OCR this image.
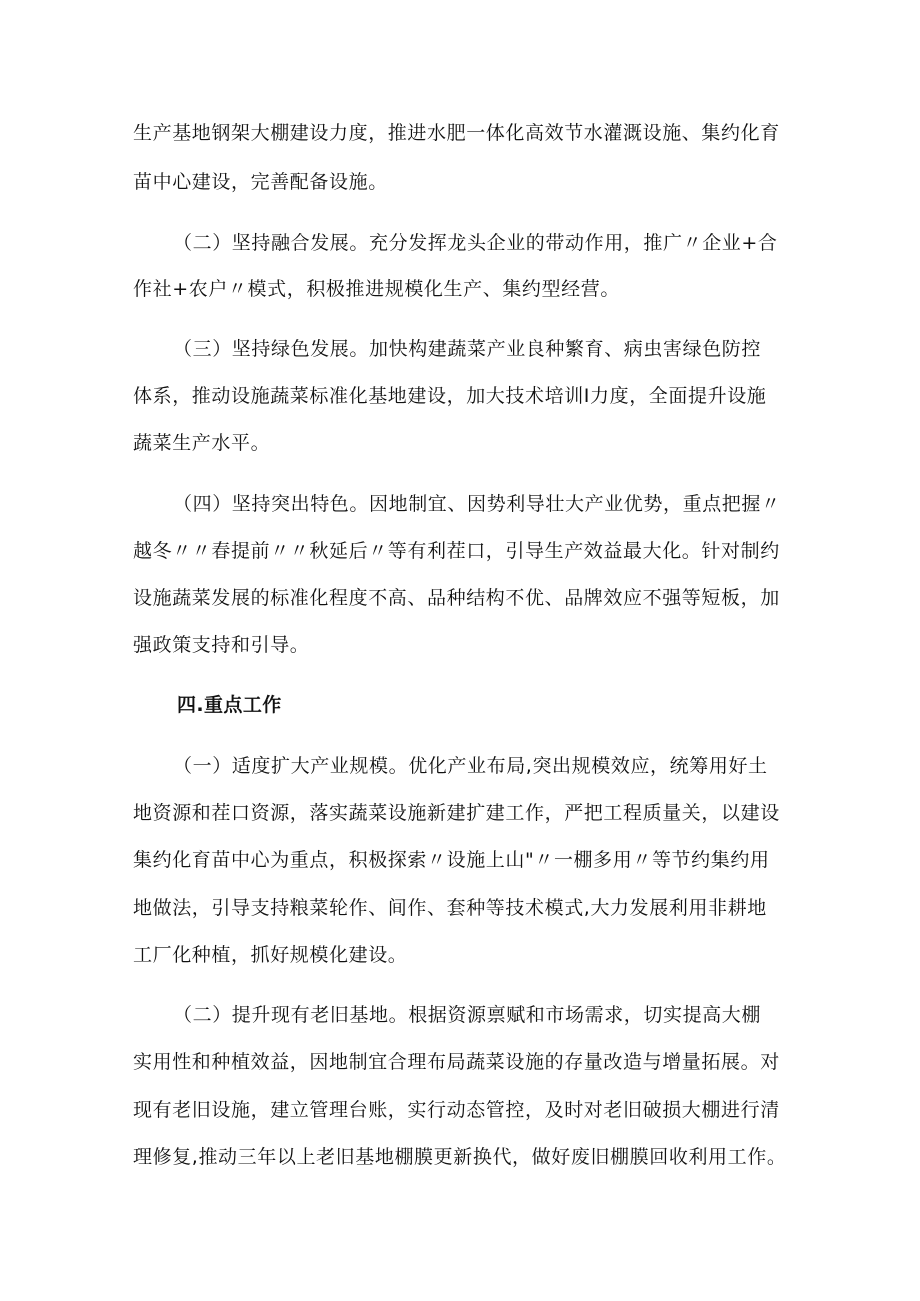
生产基地钢架大棚建设力度，推进水肥一体化高效节水灌溉设施、集约化育
苗中心建设，完善配备设施。
（二）坚持融合发展。充分发挥龙头企业的带动作用，推广〃企业+合
作社+农户〃模式，积极推进规模化生产、集约型经营。
（三）坚持绿色发展。加快构建蔬菜产业良种繁育、病虫害绿色防控
体系，推动设施蔬菜标准化基地建设，加大技术培训I力度，全面提升设施
蔬菜生产水平。
（四）坚持突出特色。因地制宜、因势利导壮大产业优势，重点把握〃
越冬〃〃春提前〃〃秋延后〃等有利茬口，引导生产效益最大化。针对制约
设施蔬菜发展的标准化程度不高、品种结构不优、品牌效应不强等短板，加
强政策支持和引导。
四.重点工作
（一）适度扩大产业规模。优化产业布局,突出规模效应，统筹用好土
地资源和茬口资源，落实蔬菜设施新建扩建工作，严把工程质量关，以建设
集约化育苗中心为重点，积极探索〃设施上山"〃一棚多用〃等节约集约用
地做法，引导支持粮菜轮作、间作、套种等技术模式,大力发展利用非耕地
工厂化种植，抓好规模化建设。
（二）提升现有老旧基地。根据资源禀赋和市场需求，切实提高大棚
实用性和种植效益，因地制宜合理布局蔬菜设施的存量改造与增量拓展。对
现有老旧设施，建立管理台账，实行动态管控，及时对老旧破损大棚进行清
理修复,推动三年以上老旧基地棚膜更新换代，做好废旧棚膜回收利用工作。
